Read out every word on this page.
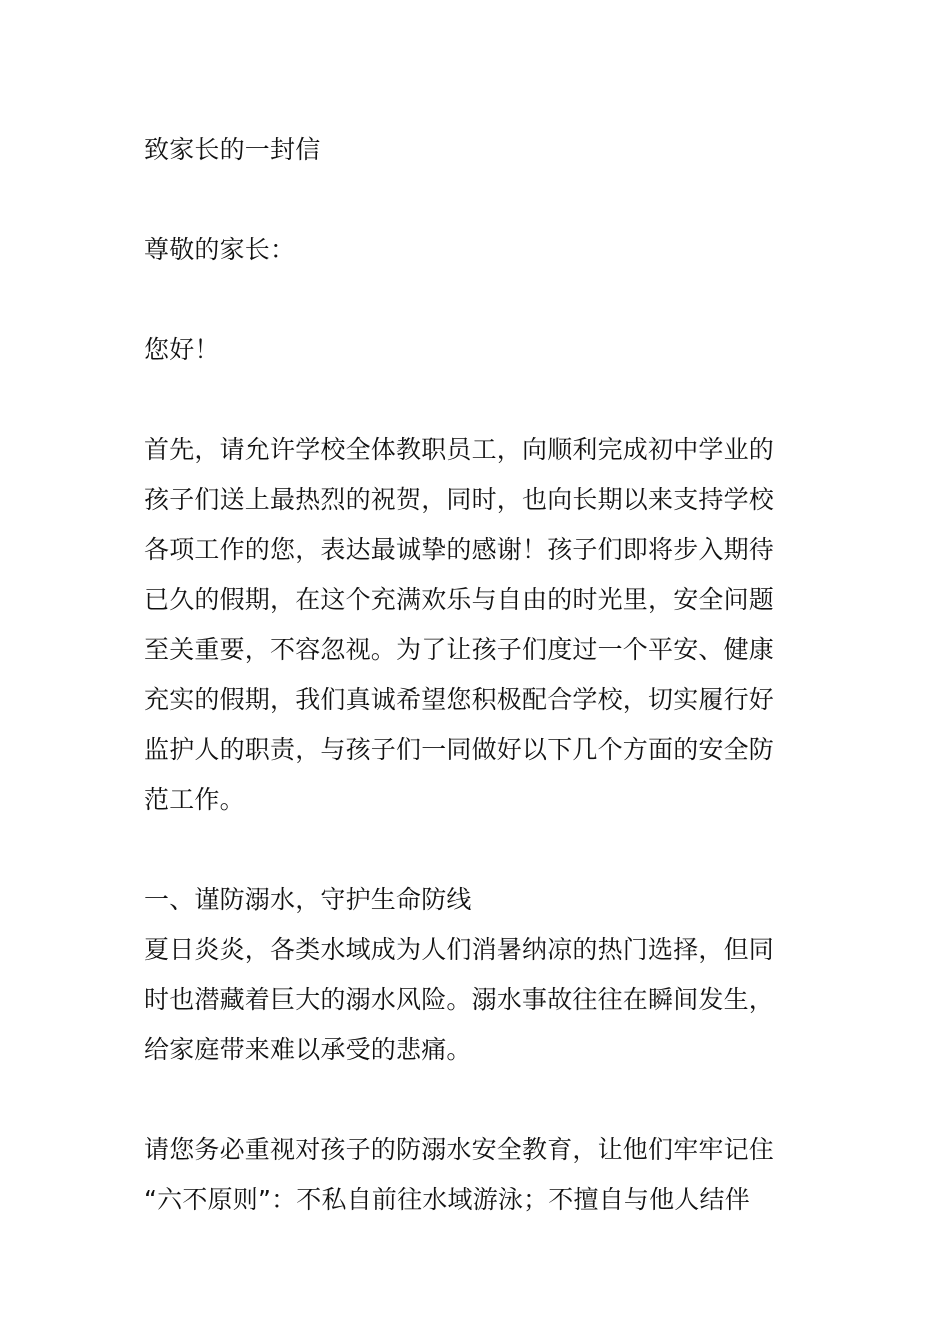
致家长的一封信
尊敬的家长：
您好！
首先，请允许学校全体教职员工，向顺利完成初中学业的
孩子们送上最热烈的祝贺，同时，也向长期以来支持学校
各项工作的您，表达最诚挚的感谢！孩子们即将步入期待
已久的假期，在这个充满欢乐与自由的时光里，安全问题
至关重要，不容忽视。为了让孩子们度过一个平安、健康
充实的假期，我们真诚希望您积极配合学校，切实履行好
监护人的职责，与孩子们一同做好以下几个方面的安全防
范工作。
一、谨防溺水，守护生命防线
夏日炎炎，各类水域成为人们消暑纳凉的热门选择，但同
时也潜藏着巨大的溺水风险。溺水事故往往在瞬间发生，
给家庭带来难以承受的悲痛。
请您务必重视对孩子的防溺水安全教育，让他们牢牢记住
“六不原则”：不私自前往水域游泳；不擅自与他人结伴
